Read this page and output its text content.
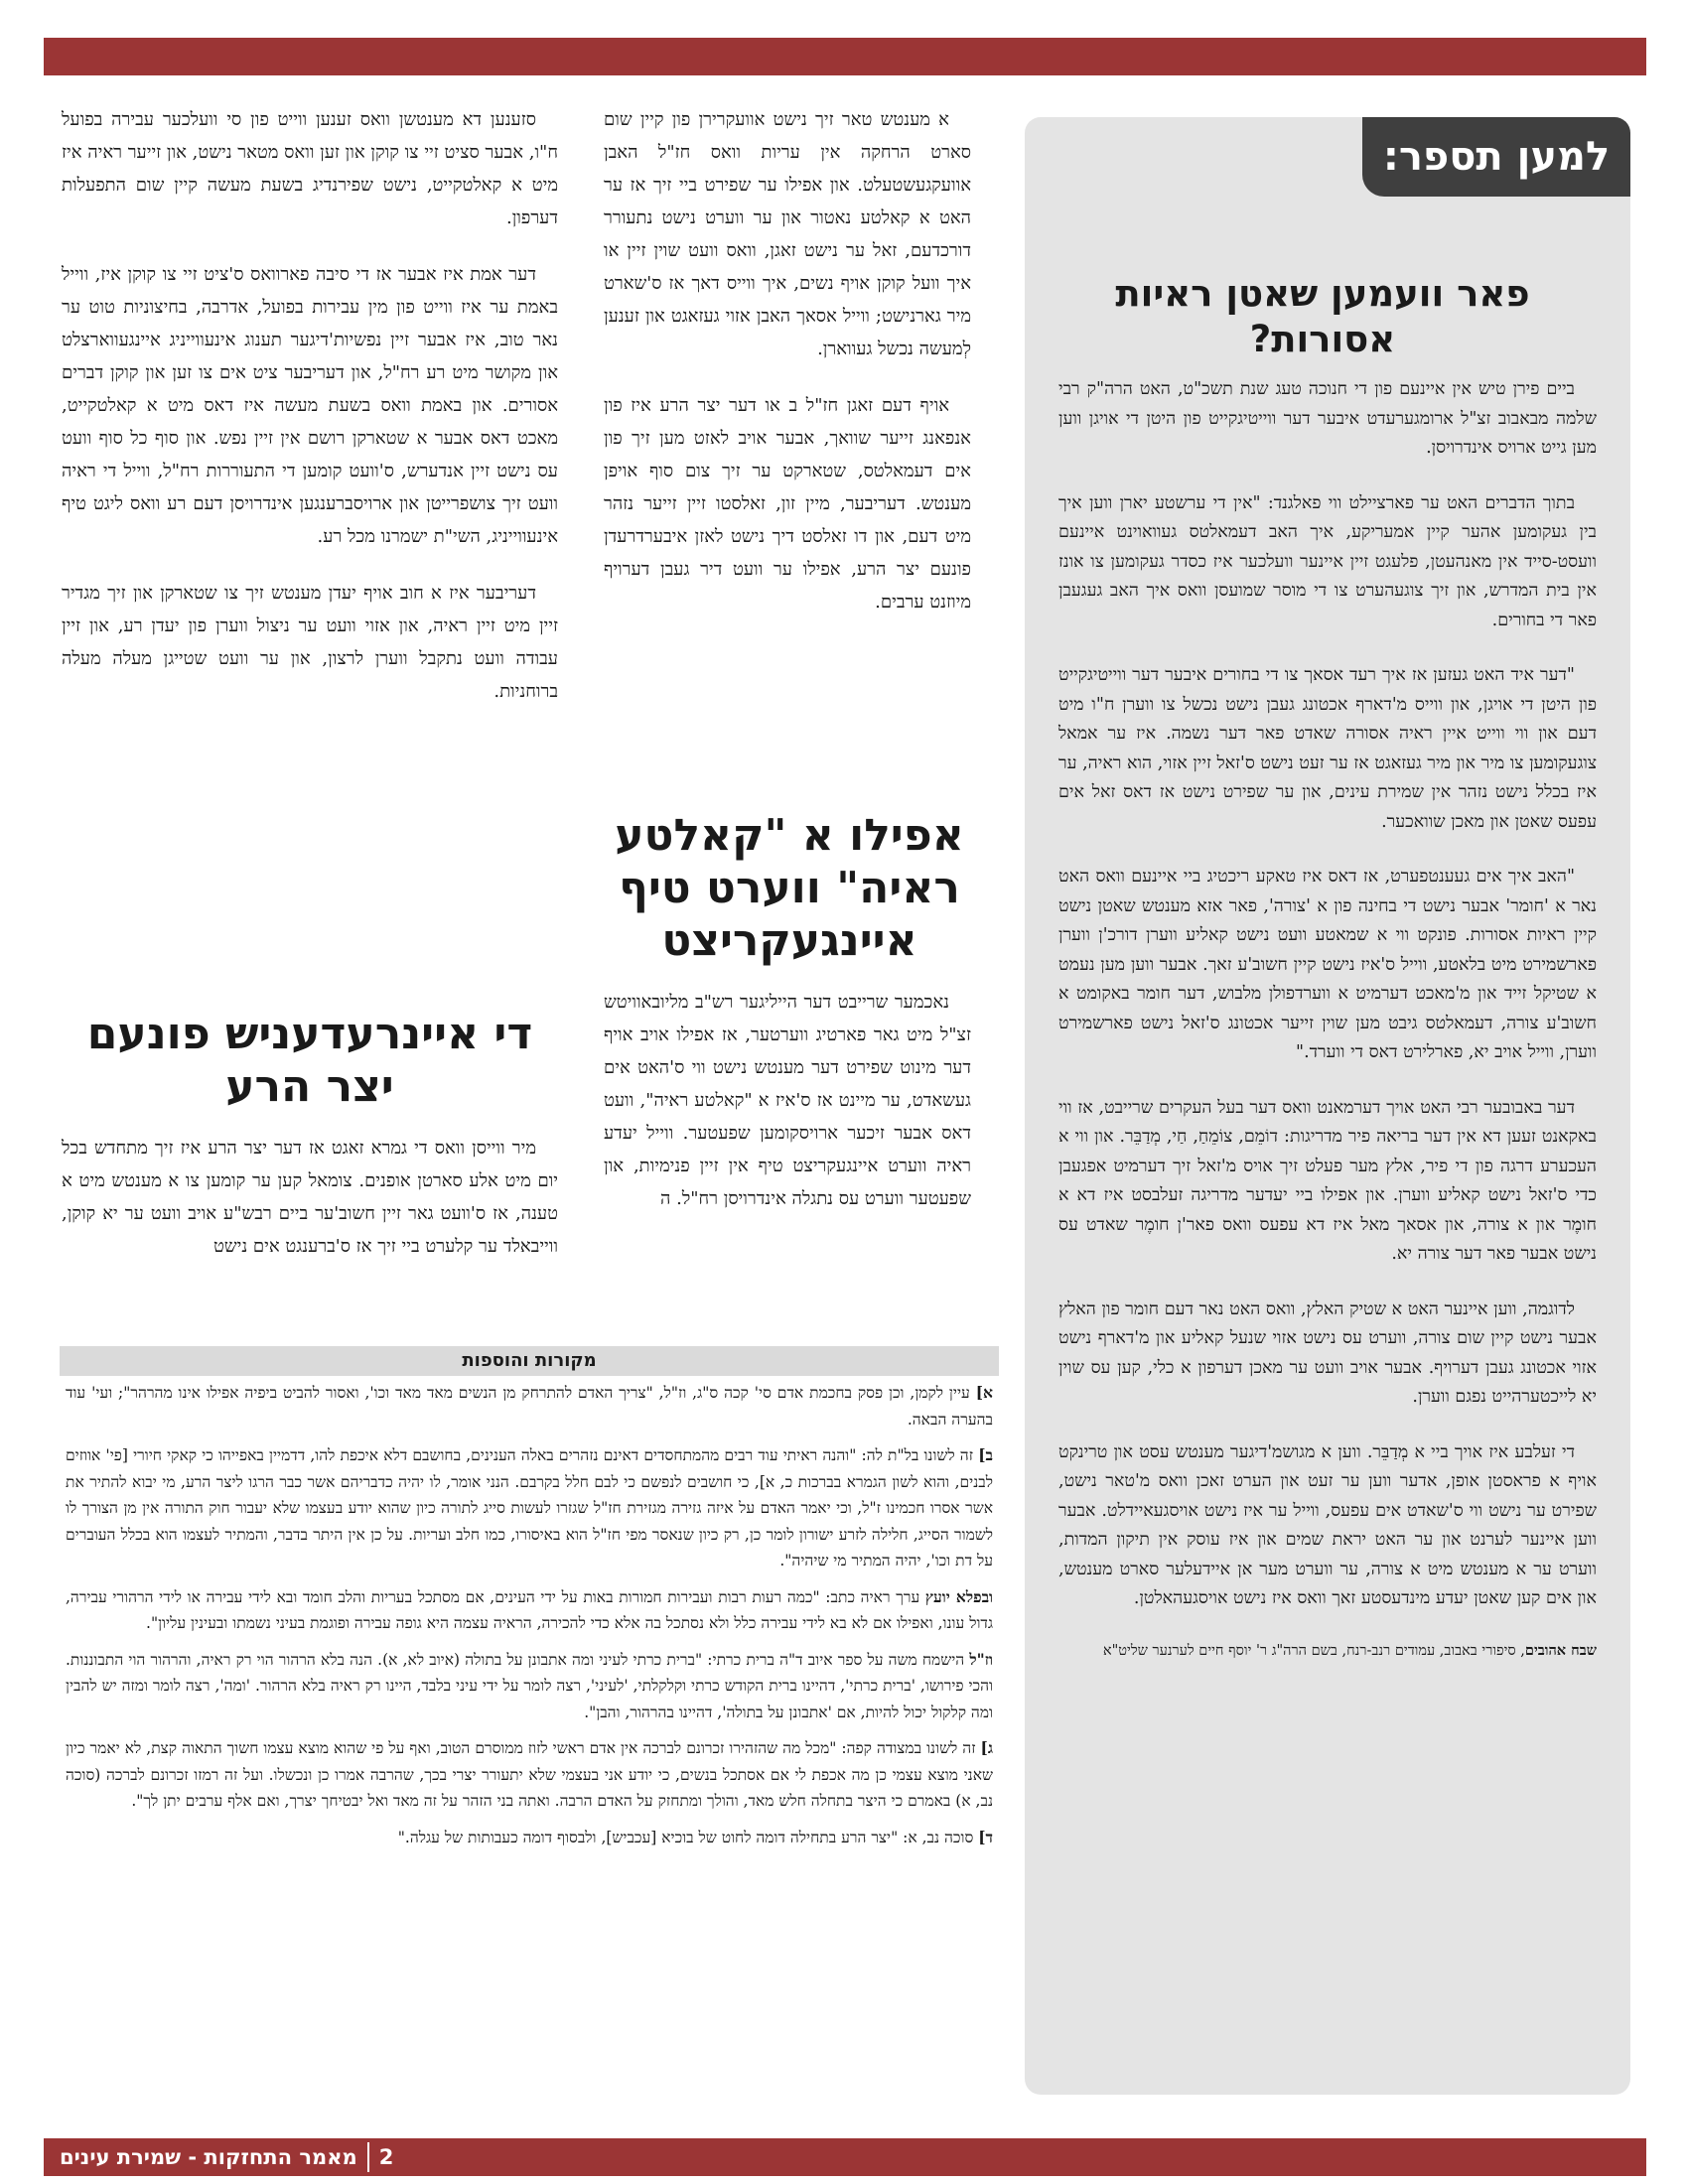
למען תספר:
פאר וועמען שאטן ראיות אסורות?

ביים פירן טיש אין איינעם פון די חנוכה טעג שנת תשכ"ט, האט הרה"ק רבי שלמה מבאבוב זצ"ל ארומגערעדט איבער דער ווייטיגקייט פון היטן די אויגן ווען מען גייט ארויס אינדרויסן.

בתוך הדברים האט ער פארציילט ווי פאלגנד: "אין די ערשטע יארן ווען איך בין געקומען אהער קיין אמעריקע, איך האב דעמאלטס געוואוינט איינעם וועסט-סייד אין מאנהעטן, פלעגט זיין איינער וועלכער איז כסדר געקומען צו אונז אין בית המדרש, און זיך צוגעהערט צו די מוסר שמועסן וואס איך האב געגעבן פאר די בחורים.

"דער איד האט געזען אז איך רעד אסאך צו די בחורים איבער דער ווייטיגקייט פון היטן די אויגן, און ווייס מ'דארף אכטונג געבן נישט נכשל צו ווערן ח"ו מיט דעם און ווי ווייט איין ראיה אסורה שאדט פאר דער נשמה. איז ער אמאל צוגעקומען צו מיר און מיר געזאגט אז ער זעט נישט ס'זאל זיין אזוי, הוא ראיה, ער איז בכלל נישט נזהר אין שמירת עינים, און ער שפירט נישט אז דאס זאל אים עפעס שאטן און מאכן שוואכער.

"האב איך אים געענטפערט, אז דאס איז טאקע ריכטיג ביי איינעם וואס האט נאר א 'חומר' אבער נישט די בחינה פון א 'צורה', פאר אזא מענטש שאטן נישט קיין ראיות אסורות. פונקט ווי א שמאטע וועט נישט קאליע ווערן דורכ'ן ווערן פארשמירט מיט בלאטע, ווייל ס'איז נישט קיין חשוב'ע זאך. אבער ווען מען נעמט א שטיקל זייד און מ'מאכט דערמיט א ווערדפולן מלבוש, דער חומר באקומט א חשוב'ע צורה, דעמאלטס גיבט מען שוין זייער אכטונג ס'זאל נישט פארשמירט ווערן, ווייל אויב יא, פארלירט דאס די ווערד."

דער באבובער רבי האט אויך דערמאנט וואס דער בעל העקרים שרייבט, אז ווי באקאנט זעען דא אין דער בריאה פיר מדריגות: דוֹמֵם, צוֹמֵחַ, חַי, מְדַבֵּר. און ווי א העכערע דרגה פון די פיר, אלץ מער פעלט זיך אויס מ'זאל זיך דערמיט אפגעבן כדי ס'זאל נישט קאליע ווערן. און אפילו ביי יעדער מדריגה זעלבסט איז דא א חומֶר און א צורה, און אסאך מאל איז דא עפעס וואס פאר'ן חומֶר שאדט עס נישט אבער פאר דער צורה יא.

לדוגמה, ווען איינער האט א שטיק האלץ, וואס האט נאר דעם חומר פון האלץ אבער נישט קיין שום צורה, ווערט עס נישט אזוי שנעל קאליע און מ'דארף נישט אזוי אכטונג געבן דערויף. אבער אויב וועט ער מאכן דערפון א כלי, קען עס שוין יא לייכטערהייט נפגם ווערן.

די זעלבע איז אויך ביי א מְדַבֵּר. ווען א מגושמ'דיגער מענטש עסט און טרינקט אויף א פראסטן אופן, אדער ווען ער זעט און הערט זאכן וואס מ'טאר נישט, שפירט ער נישט ווי ס'שאדט אים עפעס, ווייל ער איז נישט אויסגעאיידלט. אבער ווען איינער לערנט און ער האט יראת שמים און איז עוסק אין תיקון המדות, ווערט ער א מענטש מיט א צורה, ער ווערט מער אן איידעלער סארט מענטש, און אים קען שאטן יעדע מינדעסטע זאך וואס איז נישט אויסגעהאלטן.

שבח אהובים, סיפורי באבוב, עמודים רנב-רנח, בשם הרה"ג ר' יוסף חיים לערנער שליט"א

א מענטש טאר זיך נישט אוועקרירן פון קיין שום סארט הרחקה אין עריות וואס חז"ל האבן אוועקגעשטעלט. און אפילו ער שפירט ביי זיך אז ער האט א קאלטע נאטור און ער ווערט נישט נתעורר דורכדעם, זאל ער נישט זאגן, וואס וועט שוין זיין או איך וועל קוקן אויף נשים, איך ווייס דאך אז ס'שארט מיר גארנישט; ווייל אסאך האבן אזוי געזאגט און זענען לְמעשה נכשל געווארן.

אויף דעם זאגן חז"ל ב או דער יצר הרע איז פון אנפאנג זייער שוואך, אבער אויב לאזט מען זיך פון אים דעמאלטס, שטארקט ער זיך צום סוף אויפן מענטש. דעריבער, מיין זון, זאלסטו זיין זייער נזהר מיט דעם, און דו זאלסט דיך נישט לאזן איבערדרעדן פונעם יצר הרע, אפילו ער וועט דיר געבן דערויף מיוזנט ערבים.

אפילו א "קאלטע ראיה" ווערט טיף איינגעקריצט

נאכמער שרייבט דער הייליגער רש"ב מליובאוויטש זצ"ל מיט גאר פארטיג ווערטער, אז אפילו אויב אויף דער מינוט שפירט דער מענטש נישט ווי ס'האט אים געשאדט, ער מיינט אז ס'איז א "קאלטע ראיה", וועט דאס אבער זיכער ארויסקומען שפעטער. ווייל יעדע ראיה ווערט איינגעקריצט טיף אין זיין פנימיות, און שפעטער ווערט עס נתגלה אינדרויסן רח"ל. ה

סזענען דא מענטשן וואס זענען ווייט פון סי וועלכער עבירה בפועל ח"ו, אבער סציט זיי צו קוקן און זען וואס מטאר נישט, און זייער ראיה איז מיט א קאלטקייט, נישט שפירנדיג בשעת מעשה קיין שום התפעלות דערפון.

דער אמת איז אבער אז די סיבה פארוואס ס'ציט זיי צו קוקן איז, ווייל באמת ער איז ווייט פון מין עבירות בפועל, אדרבה, בחיצוניות טוט ער נאר טוב, איז אבער זיין נפשיות'דיגער תענוג אינעווייניג איינגעווארצלט און מקושר מיט רע רח"ל, און דעריבער ציט אים צו זען און קוקן דברים אסורים. און באמת וואס בשעת מעשה איז דאס מיט א קאלטקייט, מאכט דאס אבער א שטארקן רושם אין זיין נפש. און סוף כל סוף וועט עס נישט זיין אנדערש, ס'וועט קומען די התעוררות רח"ל, ווייל די ראיה וועט זיך צושפרייטן און ארויסברענגען אינדרויסן דעם רע וואס ליגט טיף אינעווייניג, השי"ת ישמרנו מכל רע.

דעריבער איז א חוב אויף יעדן מענטש זיך צו שטארקן און זיך מגדיר זיין מיט זיין ראיה, און אזוי וועט ער ניצול ווערן פון יעדן רע, און זיין עבודה וועט נתקבל ווערן לרצון, און ער וועט שטייגן מעלה מעלה ברוחניות.

די איינרעדעניש פונעם יצר הרע

מיר ווייסן וואס די גמרא זאגט אז דער יצר הרע איז זיך מתחדש בכל יום מיט אלע סארטן אופנים. צומאל קען ער קומען צו א מענטש מיט א טענה, אז ס'וועט גאר זיין חשוב'ער ביים רבש"ע אויב וועט ער יא קוקן, ווייבאלד ער קלערט ביי זיך אז ס'ברענגט אים נישט

מקורות והוספות

א] עיין לקמן, וכן פסק בחכמת אדם סי' קכה ס"ג, וז"ל, "צריך האדם להתרחק מן הנשים מאד מאד וכו', ואסור להביט ביפיה אפילו אינו מהרהר"; ועי' עוד בהערה הבאה.

ב] זה לשונו בל"ת לה: "והנה ראיתי עוד רבים מהמתחסדים דאינם נזהרים באלה הענינים, בחושבם דלא איכפת להו, דדמיין באפייהו כי קאקי חיורי [פי' אווזים לבנים, והוא לשון הגמרא בברכות כ, א], כי חושבים לנפשם כי לבם חלל בקרבם. הנני אומר, לו יהיה כדבריהם אשר כבר הרגו ליצר הרע, מי יבוא להתיר את אשר אסרו חכמינו ז"ל, וכי יאמר האדם על איזה גזירה מגזירת חז"ל שגזרו לעשות סייג לתורה כיון שהוא יודע בעצמו שלא יעבור חוק התורה אין מן הצורך לו לשמור הסייג, חלילה לזרע ישורון לומר כן, רק כיון שנאסר מפי חז"ל הוא באיסורו, כמו חלב ועריות. על כן אין היתר בדבר, והמתיר לעצמו הוא בכלל העוברים על דת וכו', יהיה המתיר מי שיהיה".

ובפלא יועץ ערך ראיה כתב: "כמה רעות רבות ועבירות חמורות באות על ידי העינים, אם מסתכל בעריות והלב חומד ובא לידי עבירה או לידי הרהורי עבירה, גדול עונו, ואפילו אם לא בא לידי עבירה כלל ולא נסתכל בה אלא כדי להכירה, הראיה עצמה היא גופה עבירה ופוגמת בעיני נשמתו ובעינין עליון".

וז"ל הישמח משה על ספר איוב ד"ה ברית כרתי: "ברית כרתי לעיני ומה אתבונן על בתולה (איוב לא, א). הנה בלא הרהור הוי רק ראיה, והרהור הוי התבוננות. והכי פירושו, 'ברית כרתי', דהיינו ברית הקודש כרתי וקלקלתי, 'לעיני', רצה לומר על ידי עיני בלבד, היינו רק ראיה בלא הרהור. 'ומה', רצה לומר ומזה יש להבין ומה קלקול יכול להיות, אם 'אתבונן על בתולה', דהיינו בהרהור, והבן".

ג] זה לשונו במצודה קפה: "מכל מה שהזהירו זכרונם לברכה אין אדם ראשי לזוז ממוסרם הטוב, ואף על פי שהוא מוצא עצמו חשוך התאוה קצת, לא יאמר כיון שאני מוצא עצמי כן מה אכפת לי אם אסתכל בנשים, כי יודע אני בעצמי שלא יתעורר יצרי בכך, שהרבה אמרו כן ונכשלו. ועל זה רמזו זכרונם לברכה (סוכה נב, א) באמרם כי היצר בתחלה חלש מאד, והולך ומתחזק על האדם הרבה. ואתה בני הזהר על זה מאד ואל יבטיחך יצרך, ואם אלף ערבים יתן לך".

ד] סוכה נב, א: "יצר הרע בתחילה דומה לחוט של בוכיא [עכביש], ולבסוף דומה כעבותות של עגלה."

2מאמר התחזקות - שמירת עינים
